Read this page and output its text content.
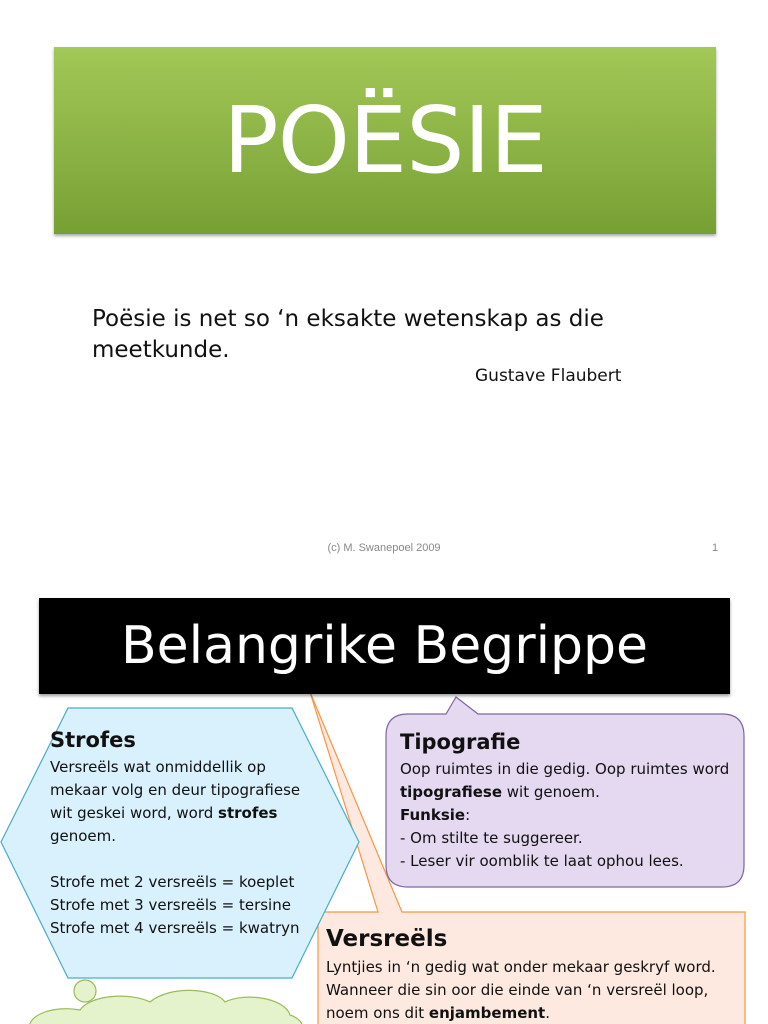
POËSIE
Poësie is net so ‘n eksakte wetenskap as die meetkunde.
Gustave Flaubert
(c) M. Swanepoel 2009	1
Belangrike Begrippe
Strofes

Versreëls wat onmiddellik op mekaar volg en deur tipografiese wit geskei word, word strofes genoem.

Strofe met 2 versreëls = koeplet

Strofe met 3 versreëls = tersine

Strofe met 4 versreëls = kwatryn

Tipografie

Oop ruimtes in die gedig. Oop ruimtes word tipografiese wit genoem.

Funksie:

- Om stilte te suggereer.

- Leser vir oomblik te laat ophou lees.

Versreëls

Lyntjies in ‘n gedig wat onder mekaar geskryf word. Wanneer die sin oor die einde van ‘n versreël loop, noem ons dit enjambement.
